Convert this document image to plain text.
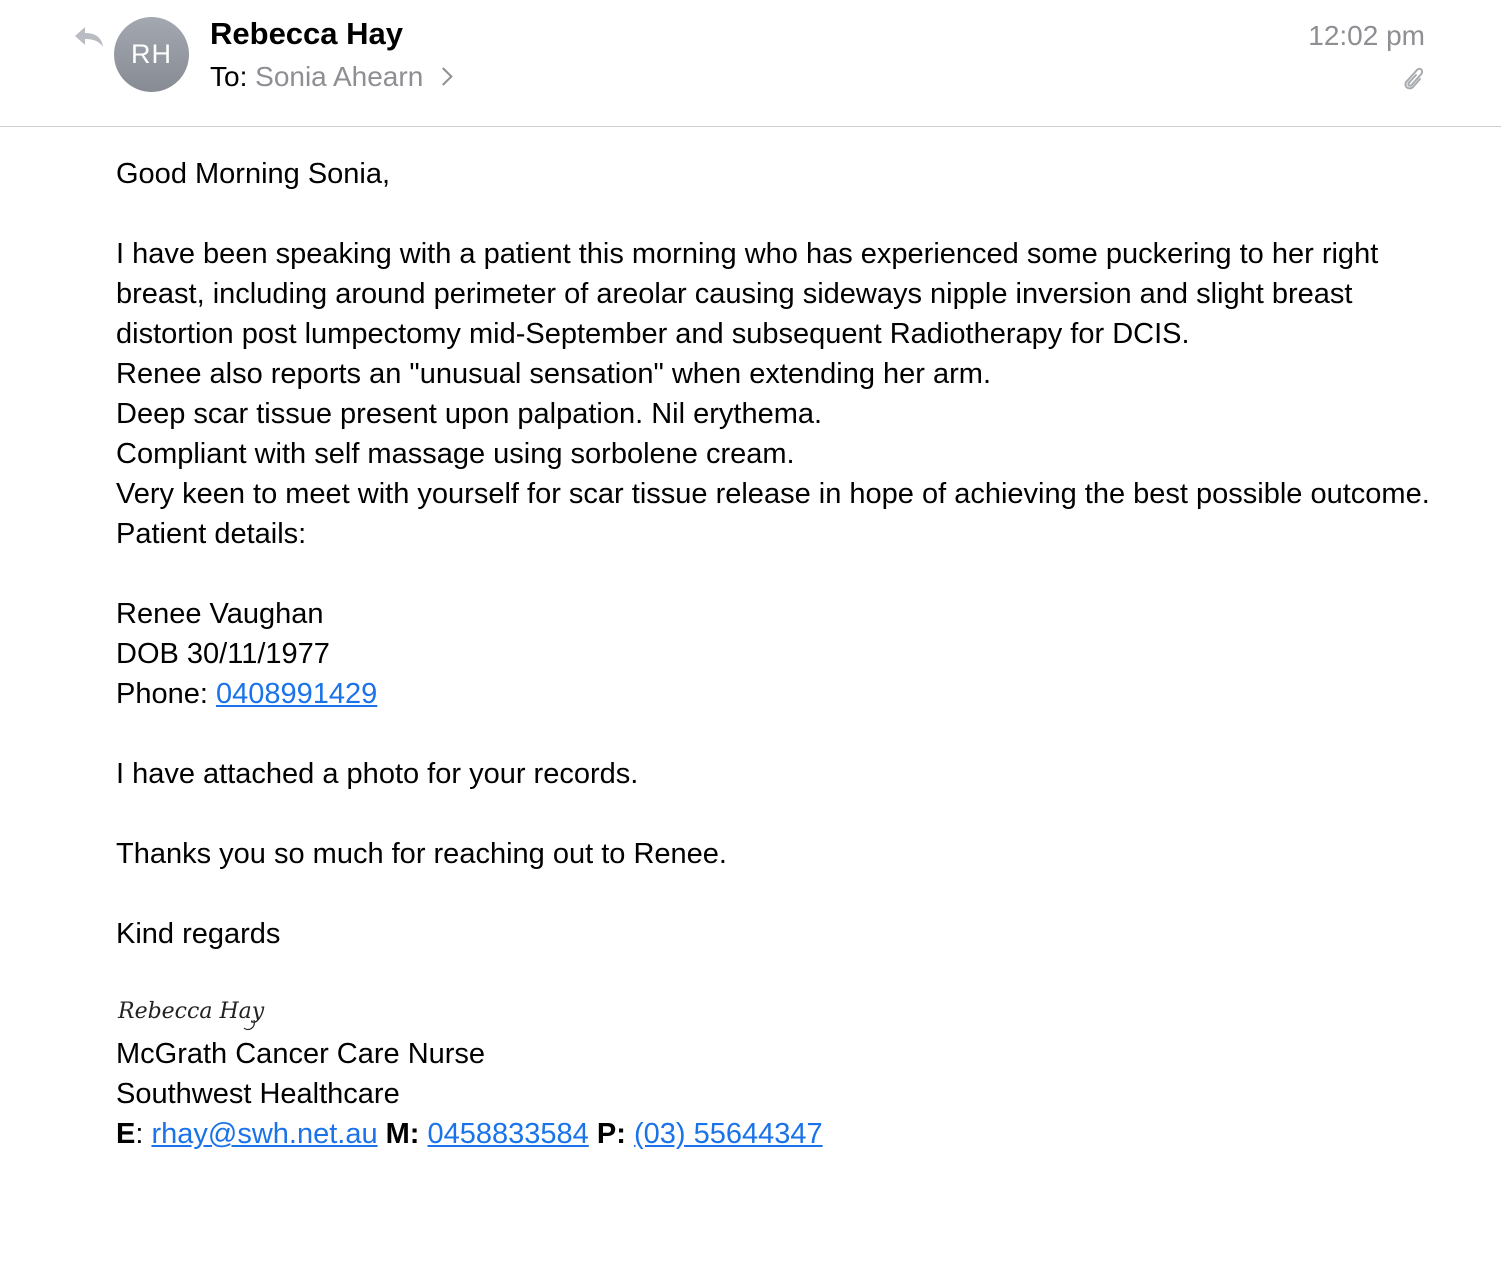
RH
Rebecca Hay
To: Sonia Ahearn
12:02 pm

Good Morning Sonia,

I have been speaking with a patient this morning who has experienced some puckering to her right breast, including around perimeter of areolar causing sideways nipple inversion and slight breast distortion post lumpectomy mid-September and subsequent Radiotherapy for DCIS.

Renee also reports an "unusual sensation" when extending her arm.

Deep scar tissue present upon palpation. Nil erythema.

Compliant with self massage using sorbolene cream.

Very keen to meet with yourself for scar tissue release in hope of achieving the best possible outcome.

Patient details:

Renee Vaughan

DOB 30/11/1977

Phone: 0408991429

I have attached a photo for your records.

Thanks you so much for reaching out to Renee.

Kind regards

Rebecca Hay

McGrath Cancer Care Nurse

Southwest Healthcare

E: rhay@swh.net.au M: 0458833584 P: (03) 55644347
